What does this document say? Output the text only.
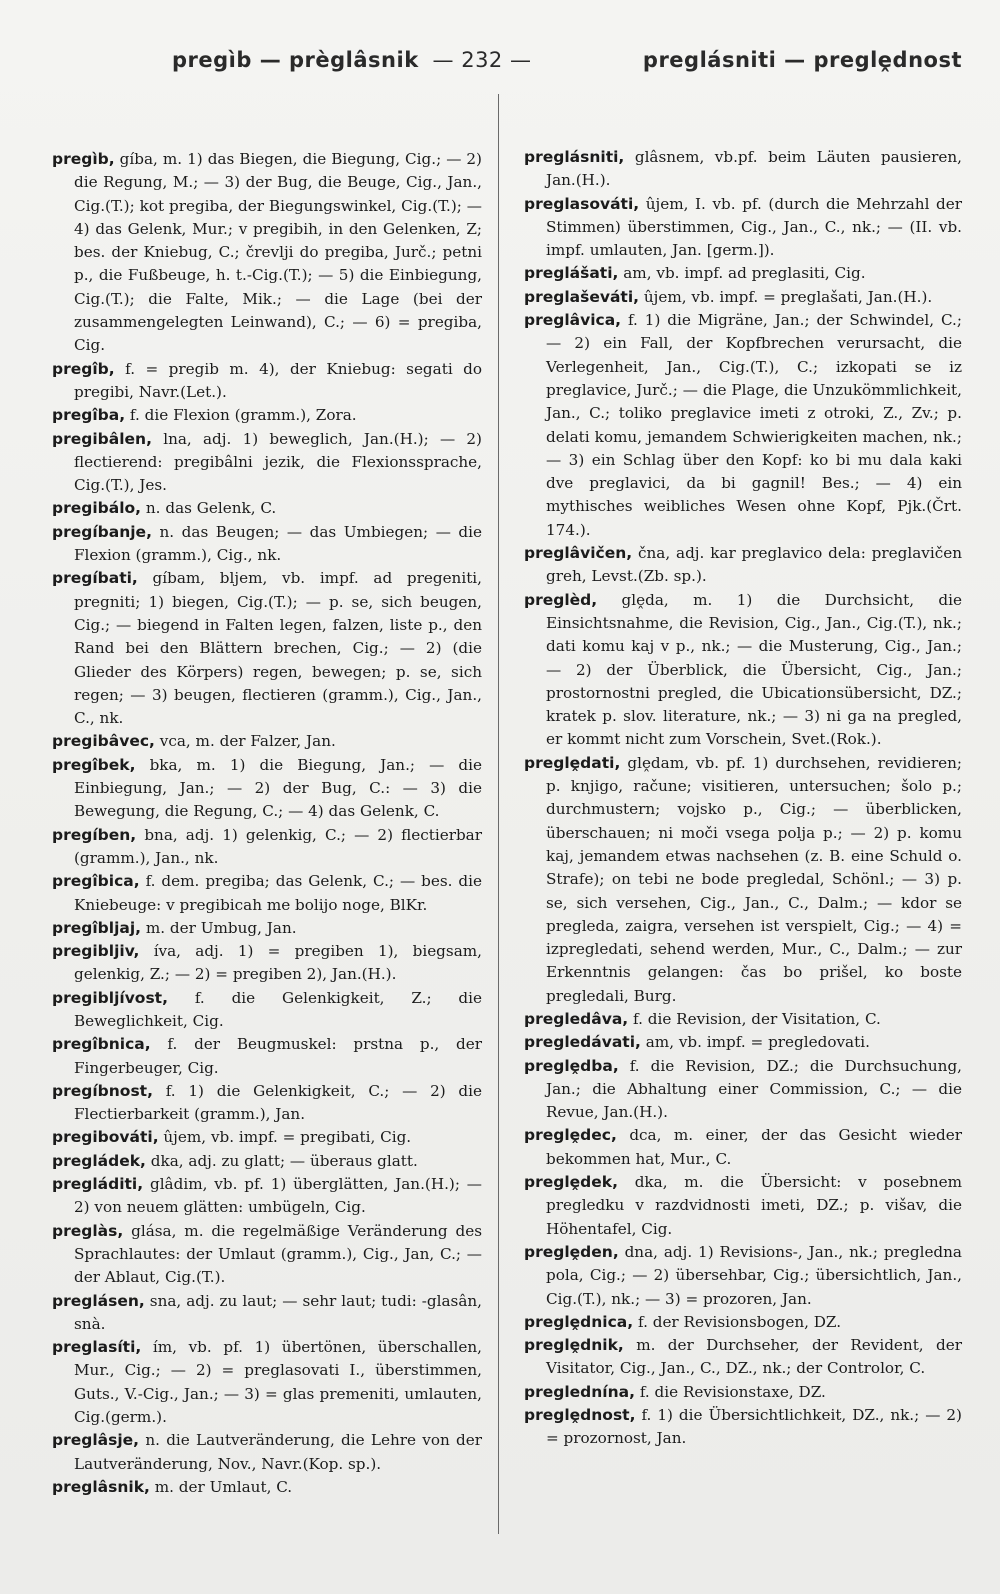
pregìb — prèglâsnik — 232 —	preglásniti — preglḙdnost

pregìb, gíba, m. 1) das Biegen, die Biegung, Cig.; — 2) die Regung, M.; — 3) der Bug, die Beuge, Cig., Jan., Cig.(T.); kot pregiba, der Biegungswinkel, Cig.(T.); — 4) das Gelenk, Mur.; v pregibih, in den Gelenken, Z; bes. der Kniebug, C.; črevlji do pregiba, Jurč.; petni p., die Fußbeuge, h. t.-Cig.(T.); — 5) die Einbiegung, Cig.(T.); die Falte, Mik.; — die Lage (bei der zusammengelegten Leinwand), C.; — 6) = pregiba, Cig.

pregîb, f. = pregib m. 4), der Kniebug: segati do pregibi, Navr.(Let.).

pregîba, f. die Flexion (gramm.), Zora.

pregibâlen, lna, adj. 1) beweglich, Jan.(H.); — 2) flectierend: pregibâlni jezik, die Flexionssprache, Cig.(T.), Jes.

pregibálo, n. das Gelenk, C.

pregíbanje, n. das Beugen; — das Umbiegen; — die Flexion (gramm.), Cig., nk.

pregíbati, gíbam, bljem, vb. impf. ad pregeniti, pregniti; 1) biegen, Cig.(T.); — p. se, sich beugen, Cig.; — biegend in Falten legen, falzen, liste p., den Rand bei den Blättern brechen, Cig.; — 2) (die Glieder des Körpers) regen, bewegen; p. se, sich regen; — 3) beugen, flectieren (gramm.), Cig., Jan., C., nk.

pregibâvec, vca, m. der Falzer, Jan.

pregîbek, bka, m. 1) die Biegung, Jan.; — die Einbiegung, Jan.; — 2) der Bug, C.: — 3) die Bewegung, die Regung, C.; — 4) das Gelenk, C.

pregíben, bna, adj. 1) gelenkig, C.; — 2) flectierbar (gramm.), Jan., nk.

pregîbica, f. dem. pregiba; das Gelenk, C.; — bes. die Kniebeuge: v pregibicah me bolijo noge, BlKr.

pregîbljaj, m. der Umbug, Jan.

pregibljiv, íva, adj. 1) = pregiben 1), biegsam, gelenkig, Z.; — 2) = pregiben 2), Jan.(H.).

pregibljívost, f. die Gelenkigkeit, Z.; die Beweglichkeit, Cig.

pregîbnica, f. der Beugmuskel: prstna p., der Fingerbeuger, Cig.

pregíbnost, f. 1) die Gelenkigkeit, C.; — 2) die Flectierbarkeit (gramm.), Jan.

pregibováti, ûjem, vb. impf. = pregibati, Cig.

pregládek, dka, adj. zu glatt; — überaus glatt.

pregláditi, glâdim, vb. pf. 1) überglätten, Jan.(H.); — 2) von neuem glätten: umbügeln, Cig.

preglàs, glása, m. die regelmäßige Veränderung des Sprachlautes: der Umlaut (gramm.), Cig., Jan, C.; — der Ablaut, Cig.(T.).

preglásen, sna, adj. zu laut; — sehr laut; tudi: -glasân, snà.

preglasíti, ím, vb. pf. 1) übertönen, überschallen, Mur., Cig.; — 2) = preglasovati I., überstimmen, Guts., V.-Cig., Jan.; — 3) = glas premeniti, umlauten, Cig.(germ.).

preglâsje, n. die Lautveränderung, die Lehre von der Lautveränderung, Nov., Navr.(Kop. sp.).

preglâsnik, m. der Umlaut, C.

preglásniti, glâsnem, vb.pf. beim Läuten pausieren, Jan.(H.).

preglasováti, ûjem, I. vb. pf. (durch die Mehrzahl der Stimmen) überstimmen, Cig., Jan., C., nk.; — (II. vb. impf. umlauten, Jan. [germ.]).

preglášati, am, vb. impf. ad preglasiti, Cig.

preglaševáti, ûjem, vb. impf. = preglašati, Jan.(H.).

preglâvica, f. 1) die Migräne, Jan.; der Schwindel, C.; — 2) ein Fall, der Kopfbrechen verursacht, die Verlegenheit, Jan., Cig.(T.), C.; izkopati se iz preglavice, Jurč.; — die Plage, die Unzukömmlichkeit, Jan., C.; toliko preglavice imeti z otroki, Z., Zv.; p. delati komu, jemandem Schwierigkeiten machen, nk.; — 3) ein Schlag über den Kopf: ko bi mu dala kaki dve preglavici, da bi gagnil! Bes.; — 4) ein mythisches weibliches Wesen ohne Kopf, Pjk.(Črt. 174.).

preglâvičen, čna, adj. kar preglavico dela: preglavičen greh, Levst.(Zb. sp.).

preglèd, glḙda, m. 1) die Durchsicht, die Einsichtsnahme, die Revision, Cig., Jan., Cig.(T.), nk.; dati komu kaj v p., nk.; — die Musterung, Cig., Jan.; — 2) der Überblick, die Übersicht, Cig., Jan.; prostornostni pregled, die Ubicationsübersicht, DZ.; kratek p. slov. literature, nk.; — 3) ni ga na pregled, er kommt nicht zum Vorschein, Svet.(Rok.).

preglḙdati, glḙdam, vb. pf. 1) durchsehen, revidieren; p. knjigo, račune; visitieren, untersuchen; šolo p.; durchmustern; vojsko p., Cig.; — überblicken, überschauen; ni moči vsega polja p.; — 2) p. komu kaj, jemandem etwas nachsehen (z. B. eine Schuld o. Strafe); on tebi ne bode pregledal, Schönl.; — 3) p. se, sich versehen, Cig., Jan., C., Dalm.; — kdor se pregleda, zaigra, versehen ist verspielt, Cig.; — 4) = izpregledati, sehend werden, Mur., C., Dalm.; — zur Erkenntnis gelangen: čas bo prišel, ko boste pregledali, Burg.

pregledâva, f. die Revision, der Visitation, C.

pregledávati, am, vb. impf. = pregledovati.

preglḙdba, f. die Revision, DZ.; die Durchsuchung, Jan.; die Abhaltung einer Commission, C.; — die Revue, Jan.(H.).

preglḙdec, dca, m. einer, der das Gesicht wieder bekommen hat, Mur., C.

preglḙdek, dka, m. die Übersicht: v posebnem pregledku v razdvidnosti imeti, DZ.; p. višav, die Höhentafel, Cig.

preglḙden, dna, adj. 1) Revisions-, Jan., nk.; pregledna pola, Cig.; — 2) übersehbar, Cig.; übersichtlich, Jan., Cig.(T.), nk.; — 3) = prozoren, Jan.

preglḙdnica, f. der Revisionsbogen, DZ.

preglḙdnik, m. der Durchseher, der Revident, der Visitator, Cig., Jan., C., DZ., nk.; der Controlor, C.

preglednína, f. die Revisionstaxe, DZ.

preglḙdnost, f. 1) die Übersichtlichkeit, DZ., nk.; — 2) = prozornost, Jan.
